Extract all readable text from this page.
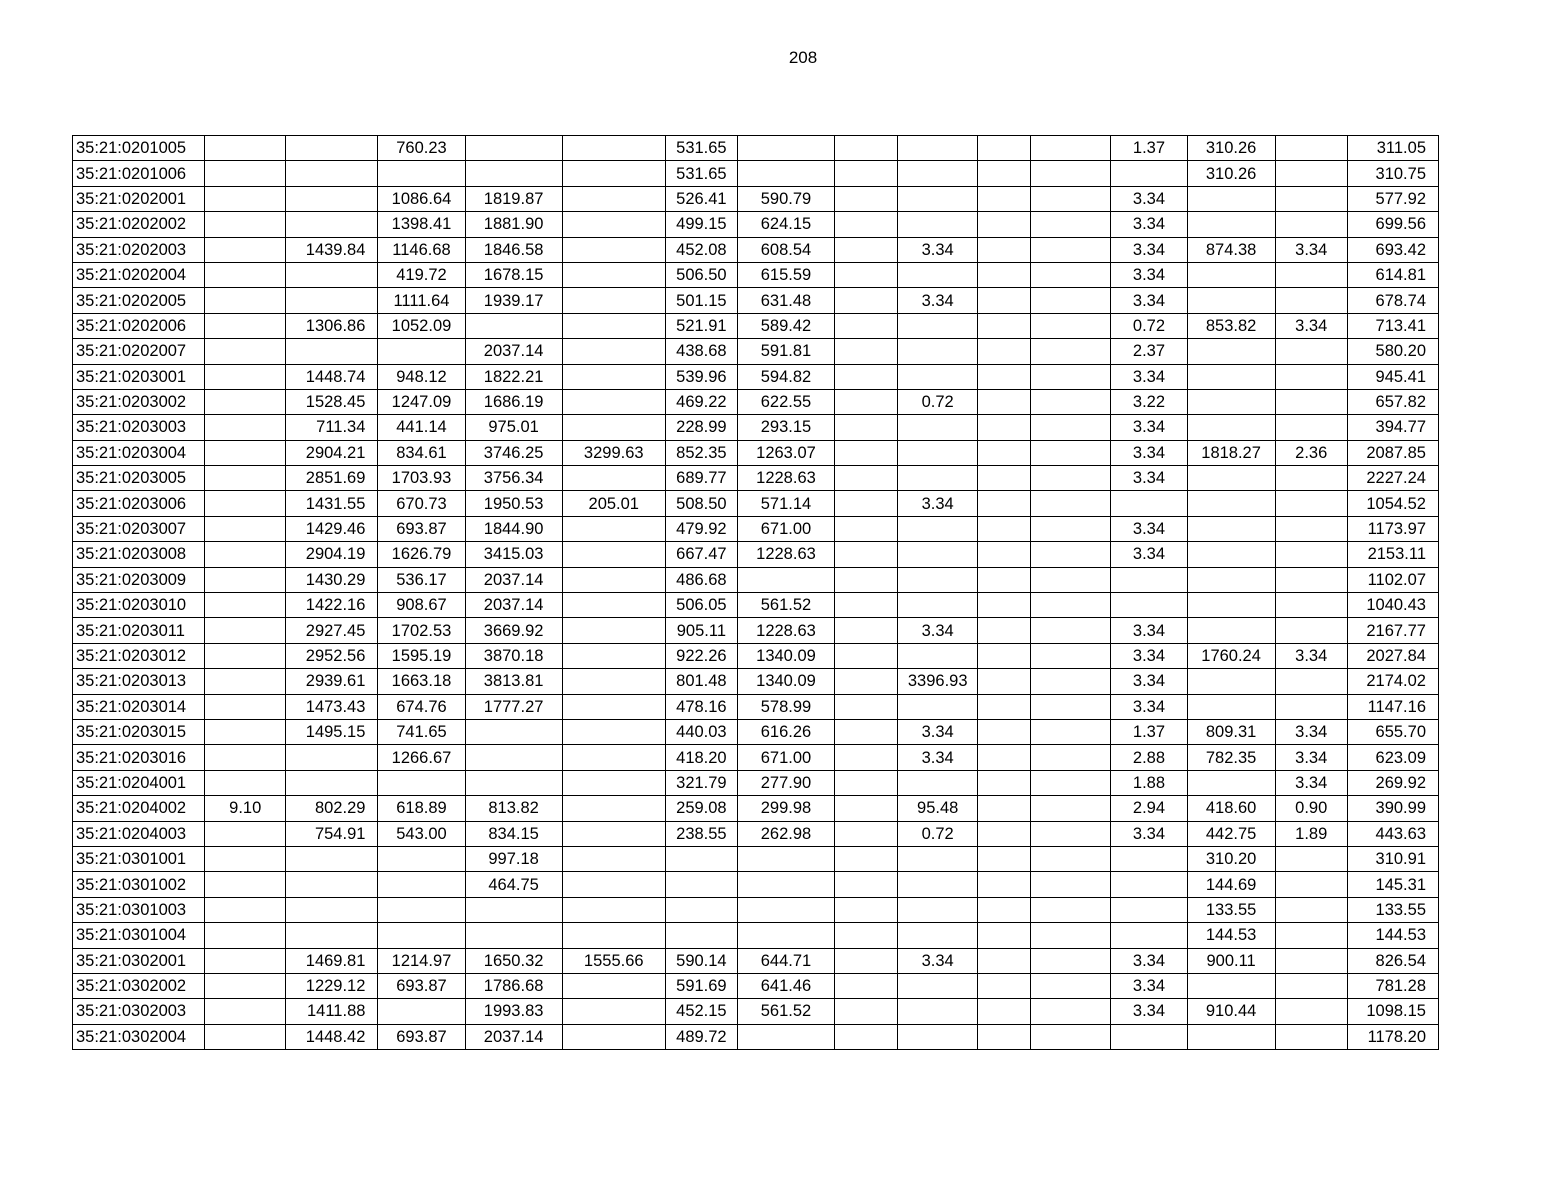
208
35:21:0201005			760.23			531.65						1.37	310.26		311.05
35:21:0201006						531.65							310.26		310.75
35:21:0202001			1086.64	1819.87		526.41	590.79					3.34			577.92
35:21:0202002			1398.41	1881.90		499.15	624.15					3.34			699.56
35:21:0202003		1439.84	1146.68	1846.58		452.08	608.54		3.34			3.34	874.38	3.34	693.42
35:21:0202004			419.72	1678.15		506.50	615.59					3.34			614.81
35:21:0202005			1111.64	1939.17		501.15	631.48		3.34			3.34			678.74
35:21:0202006		1306.86	1052.09			521.91	589.42					0.72	853.82	3.34	713.41
35:21:0202007				2037.14		438.68	591.81					2.37			580.20
35:21:0203001		1448.74	948.12	1822.21		539.96	594.82					3.34			945.41
35:21:0203002		1528.45	1247.09	1686.19		469.22	622.55		0.72			3.22			657.82
35:21:0203003		711.34	441.14	975.01		228.99	293.15					3.34			394.77
35:21:0203004		2904.21	834.61	3746.25	3299.63	852.35	1263.07					3.34	1818.27	2.36	2087.85
35:21:0203005		2851.69	1703.93	3756.34		689.77	1228.63					3.34			2227.24
35:21:0203006		1431.55	670.73	1950.53	205.01	508.50	571.14		3.34						1054.52
35:21:0203007		1429.46	693.87	1844.90		479.92	671.00					3.34			1173.97
35:21:0203008		2904.19	1626.79	3415.03		667.47	1228.63					3.34			2153.11
35:21:0203009		1430.29	536.17	2037.14		486.68									1102.07
35:21:0203010		1422.16	908.67	2037.14		506.05	561.52								1040.43
35:21:0203011		2927.45	1702.53	3669.92		905.11	1228.63		3.34			3.34			2167.77
35:21:0203012		2952.56	1595.19	3870.18		922.26	1340.09					3.34	1760.24	3.34	2027.84
35:21:0203013		2939.61	1663.18	3813.81		801.48	1340.09		3396.93			3.34			2174.02
35:21:0203014		1473.43	674.76	1777.27		478.16	578.99					3.34			1147.16
35:21:0203015		1495.15	741.65			440.03	616.26		3.34			1.37	809.31	3.34	655.70
35:21:0203016			1266.67			418.20	671.00		3.34			2.88	782.35	3.34	623.09
35:21:0204001						321.79	277.90					1.88		3.34	269.92
35:21:0204002	9.10	802.29	618.89	813.82		259.08	299.98		95.48			2.94	418.60	0.90	390.99
35:21:0204003		754.91	543.00	834.15		238.55	262.98		0.72			3.34	442.75	1.89	443.63
35:21:0301001				997.18									310.20		310.91
35:21:0301002				464.75									144.69		145.31
35:21:0301003													133.55		133.55
35:21:0301004													144.53		144.53
35:21:0302001		1469.81	1214.97	1650.32	1555.66	590.14	644.71		3.34			3.34	900.11		826.54
35:21:0302002		1229.12	693.87	1786.68		591.69	641.46					3.34			781.28
35:21:0302003		1411.88		1993.83		452.15	561.52					3.34	910.44		1098.15
35:21:0302004		1448.42	693.87	2037.14		489.72									1178.20
